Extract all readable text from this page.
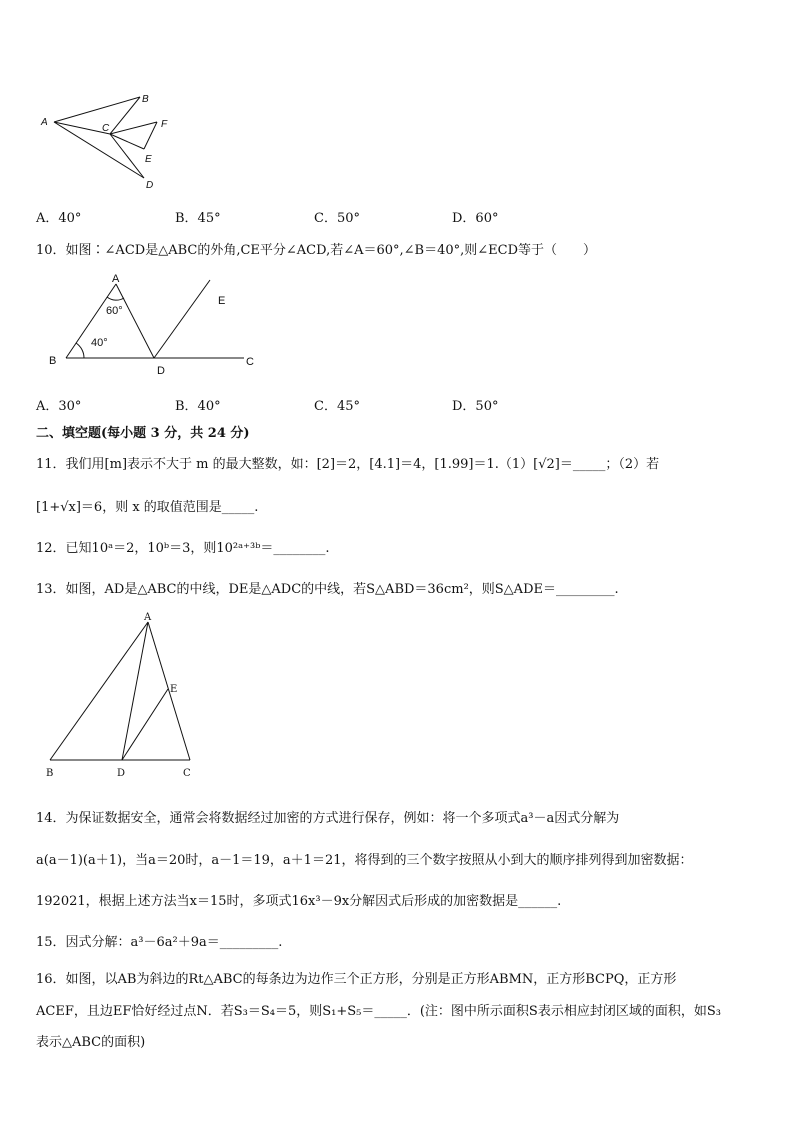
A
B
C	F
E
D
A．40°	B．45°	C．50°	D．60°
10．如图∶∠ACD是△ABC的外角,CE平分∠ACD,若∠A＝60°,∠B＝40°,则∠ECD等于（　　）
A
E
B
D
C
60°
40°
A．30°	B．40°	C．45°	D．50°
二、填空题(每小题 3 分，共 24 分)
11．我们用[m]表示不大于 m 的最大整数，如：[2]＝2，[4.1]＝4，[1.99]＝1.（1）[√2]＝_____；（2）若
[1+√x]＝6，则 x 的取值范围是_____.
12．已知10ᵃ＝2，10ᵇ＝3，则10²ᵃ⁺³ᵇ＝________.
13．如图，AD是△ABC的中线，DE是△ADC的中线，若S△ABD＝36cm²，则S△ADE＝_________.
A
E
B	D	C
14．为保证数据安全，通常会将数据经过加密的方式进行保存，例如：将一个多项式a³－a因式分解为
a(a－1)(a＋1)，当a＝20时，a－1＝19，a＋1＝21，将得到的三个数字按照从小到大的顺序排列得到加密数据：
192021，根据上述方法当x＝15时，多项式16x³－9x分解因式后形成的加密数据是______.
15．因式分解：a³－6a²＋9a＝_________.
16．如图，以AB为斜边的Rt△ABC的每条边为边作三个正方形，分别是正方形ABMN，正方形BCPQ，正方形
ACEF，且边EF恰好经过点N．若S₃＝S₄＝5，则S₁+S₅＝_____．(注：图中所示面积S表示相应封闭区域的面积，如S₃
表示△ABC的面积)
